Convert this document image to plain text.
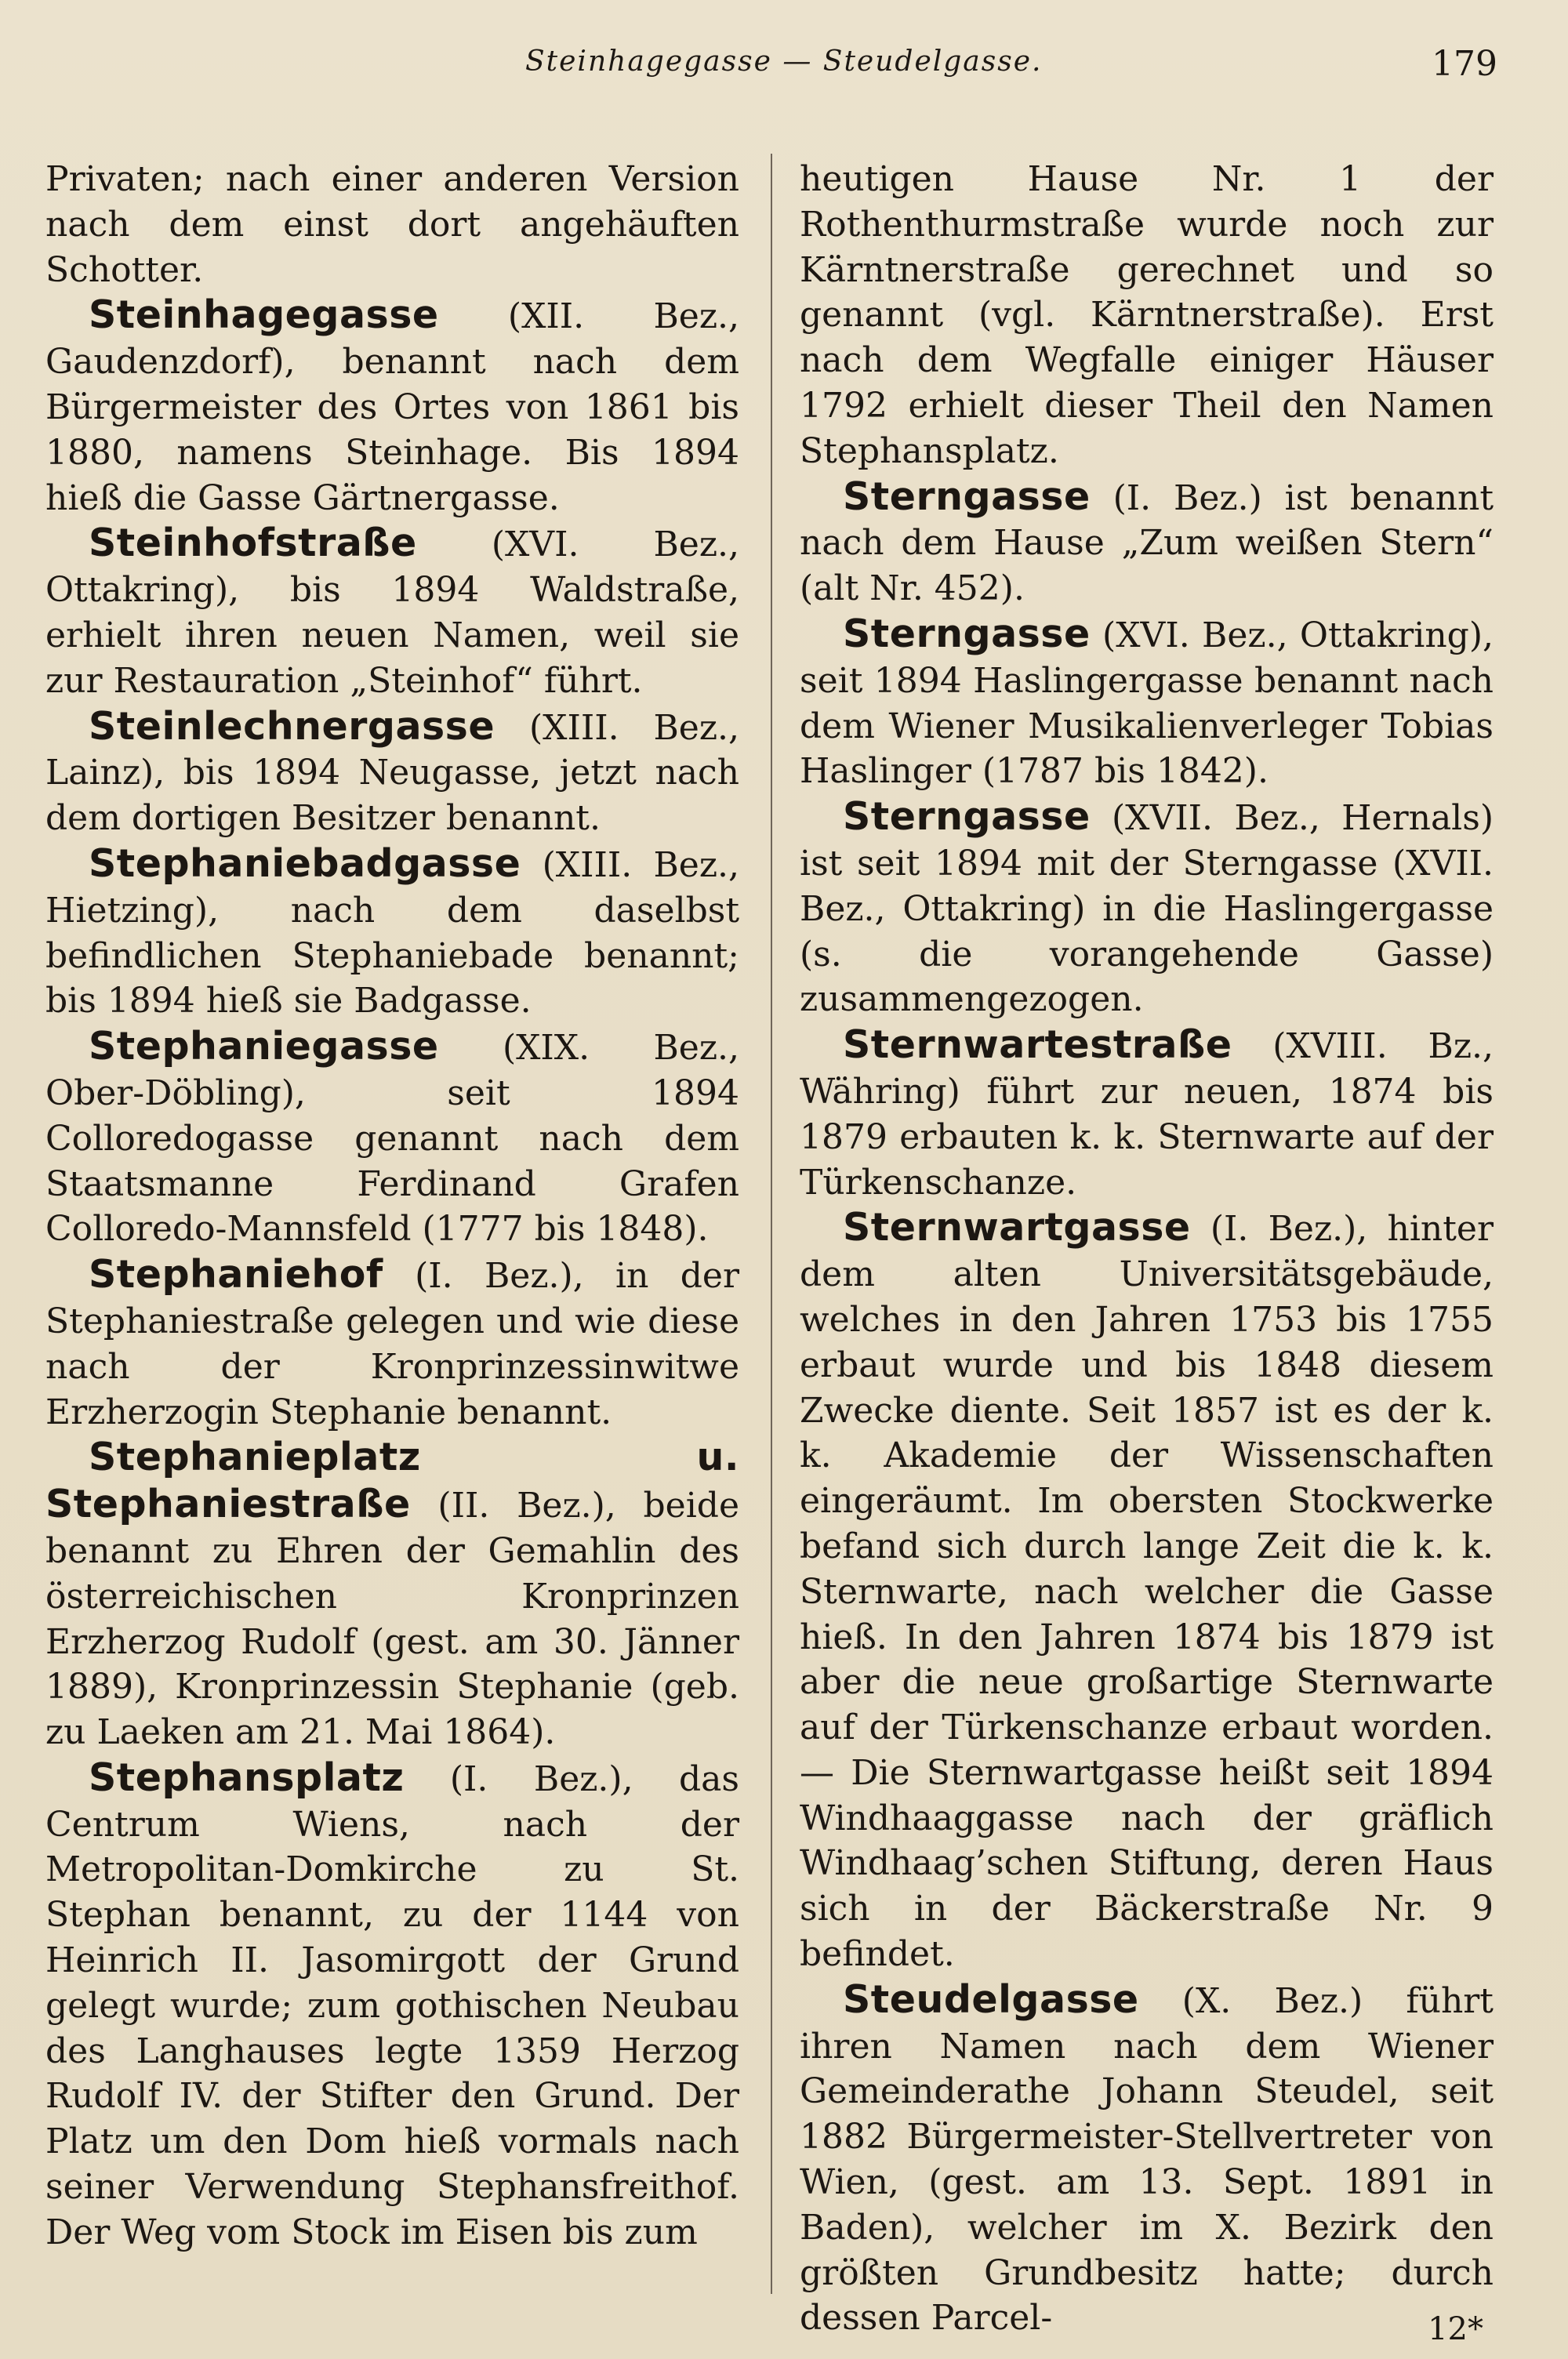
Steinhagegasse — Steudelgasse.	179

Privaten; nach einer anderen Version nach dem einst dort angehäuften Schotter.

Steinhagegasse (XII. Bez., Gaudenzdorf), benannt nach dem Bürgermeister des Ortes von 1861 bis 1880, namens Steinhage. Bis 1894 hieß die Gasse Gärtnergasse.

Steinhofstraße (XVI. Bez., Ottakring), bis 1894 Waldstraße, erhielt ihren neuen Namen, weil sie zur Restauration „Steinhof“ führt.

Steinlechnergasse (XIII. Bez., Lainz), bis 1894 Neugasse, jetzt nach dem dortigen Besitzer benannt.

Stephaniebadgasse (XIII. Bez., Hietzing), nach dem daselbst befindlichen Stephaniebade benannt; bis 1894 hieß sie Badgasse.

Stephaniegasse (XIX. Bez., Ober-Döbling), seit 1894 Colloredogasse genannt nach dem Staatsmanne Ferdinand Grafen Colloredo-Mannsfeld (1777 bis 1848).

Stephaniehof (I. Bez.), in der Stephaniestraße gelegen und wie diese nach der Kronprinzessinwitwe Erzherzogin Stephanie benannt.

Stephanieplatz u. Stephaniestraße (II. Bez.), beide benannt zu Ehren der Gemahlin des österreichischen Kronprinzen Erzherzog Rudolf (gest. am 30. Jänner 1889), Kronprinzessin Stephanie (geb. zu Laeken am 21. Mai 1864).

Stephansplatz (I. Bez.), das Centrum Wiens, nach der Metropolitan-Domkirche zu St. Stephan benannt, zu der 1144 von Heinrich II. Jasomirgott der Grund gelegt wurde; zum gothischen Neubau des Langhauses legte 1359 Herzog Rudolf IV. der Stifter den Grund. Der Platz um den Dom hieß vormals nach seiner Verwendung Stephansfreithof. Der Weg vom Stock im Eisen bis zum

heutigen Hause Nr. 1 der Rothenthurmstraße wurde noch zur Kärntnerstraße gerechnet und so genannt (vgl. Kärntnerstraße). Erst nach dem Wegfalle einiger Häuser 1792 erhielt dieser Theil den Namen Stephansplatz.

Sterngasse (I. Bez.) ist benannt nach dem Hause „Zum weißen Stern“ (alt Nr. 452).

Sterngasse (XVI. Bez., Ottakring), seit 1894 Haslingergasse benannt nach dem Wiener Musikalienverleger Tobias Haslinger (1787 bis 1842).

Sterngasse (XVII. Bez., Hernals) ist seit 1894 mit der Sterngasse (XVII. Bez., Ottakring) in die Haslingergasse (s. die vorangehende Gasse) zusammengezogen.

Sternwartestraße (XVIII. Bz., Währing) führt zur neuen, 1874 bis 1879 erbauten k. k. Sternwarte auf der Türkenschanze.

Sternwartgasse (I. Bez.), hinter dem alten Universitätsgebäude, welches in den Jahren 1753 bis 1755 erbaut wurde und bis 1848 diesem Zwecke diente. Seit 1857 ist es der k. k. Akademie der Wissenschaften eingeräumt. Im obersten Stockwerke befand sich durch lange Zeit die k. k. Sternwarte, nach welcher die Gasse hieß. In den Jahren 1874 bis 1879 ist aber die neue großartige Sternwarte auf der Türkenschanze erbaut worden. — Die Sternwartgasse heißt seit 1894 Windhaaggasse nach der gräflich Windhaag’schen Stiftung, deren Haus sich in der Bäckerstraße Nr. 9 befindet.

Steudelgasse (X. Bez.) führt ihren Namen nach dem Wiener Gemeinderathe Johann Steudel, seit 1882 Bürgermeister-Stellvertreter von Wien, (gest. am 13. Sept. 1891 in Baden), welcher im X. Bezirk den größten Grundbesitz hatte; durch dessen Parcel-	12*
